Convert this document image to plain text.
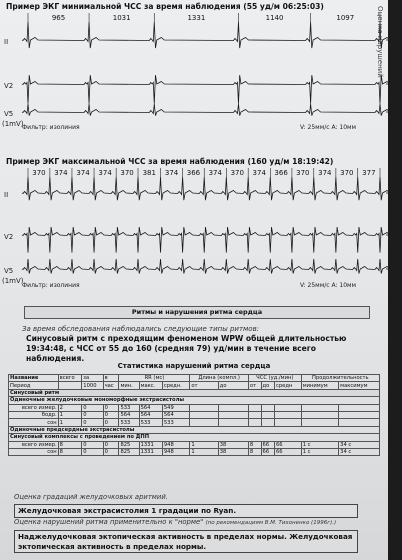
Оценка нарушений
Пример ЭКГ минимальной ЧСС за время наблюдения (55 уд/м 06:25:03)
965	1031	1331	1140	1097
II
V2
V5
(1mV)
Фильтр: изолиния	V: 25мм/с A: 10мм
Пример ЭКГ максимальной ЧСС за время наблюдения (160 уд/м 18:19:42)
370 374 374 374 370 381 374 366 374 370 374 366 370 374 370 377
II
V2
V5
(1mV)
Фильтр: изолиния	V: 25мм/с A: 10мм
Ритмы и нарушения ритма сердца
За время обследования наблюдались следующие типы ритмов:
Синусовый ритм с преходящим феноменом WPW общей длительностью 19:34:48, с ЧСС от 55 до 160 (средняя 79) уд/мин в течение всего наблюдения.
Статистика нарушений ритма сердца
Название	всего	за	в	RR (мс)			Длина (компл.)		ЧСС (уд./мин)			Продолжительность	
Период		1000	час	мин.	макс.	средн.	от	до	от	до	средн	минимум	максимум
Синусовый ритм													
Одиночные желудочковые мономорфные экстрасистолы													
всего измер.	2	0	0	533	564	549							
бодр.	1	0	0	564	564	564							
сон	1	0	0	533	533	533							
Одиночные предсердные экстрасистолы													
Синусовый комплексы с проведением по ДПП													
всего измер.	8	0	0	825	1331	948	1	38	8	66	66	1 с	34 с
сон	8	0	0	825	1331	948	1	38	8	66	66	1 с	34 с
Оценка градаций желудочковых аритмий.
Желудочковая экстрасистолия 1 градации по Ryan.
Оценка нарушений ритма применительно к "норме" (по рекомендациям В.М. Тихоненко (1996г).)
Наджелудочковая эктопическая активность в пределах нормы. Желудочковая эктопическая активность в пределах нормы.
